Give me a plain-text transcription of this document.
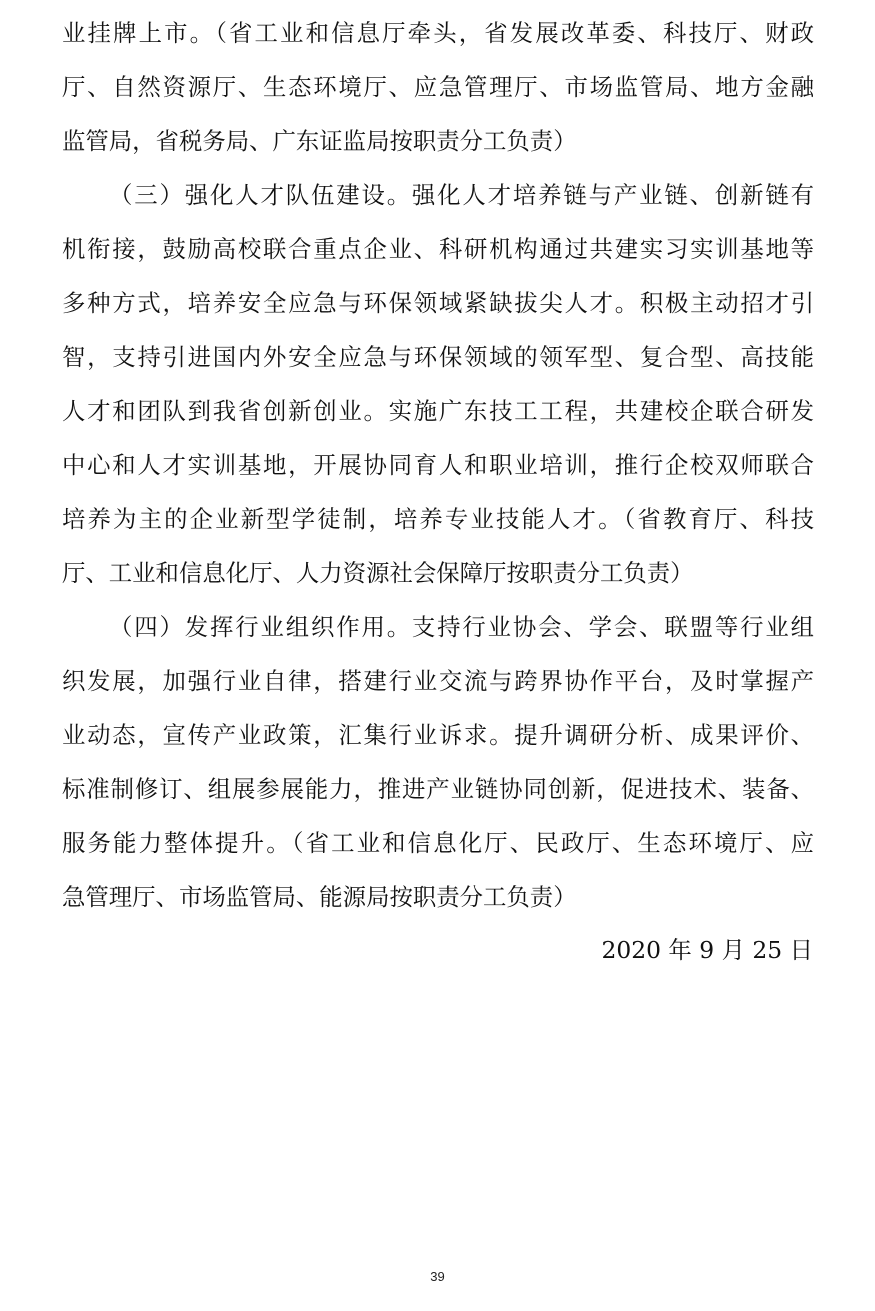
业挂牌上市。（省工业和信息厅牵头，省发展改革委、科技厅、财政
厅、自然资源厅、生态环境厅、应急管理厅、市场监管局、地方金融
监管局，省税务局、广东证监局按职责分工负责）
（三）强化人才队伍建设。强化人才培养链与产业链、创新链有
机衔接，鼓励高校联合重点企业、科研机构通过共建实习实训基地等
多种方式，培养安全应急与环保领域紧缺拔尖人才。积极主动招才引
智，支持引进国内外安全应急与环保领域的领军型、复合型、高技能
人才和团队到我省创新创业。实施广东技工工程，共建校企联合研发
中心和人才实训基地，开展协同育人和职业培训，推行企校双师联合
培养为主的企业新型学徒制，培养专业技能人才。（省教育厅、科技
厅、工业和信息化厅、人力资源社会保障厅按职责分工负责）
（四）发挥行业组织作用。支持行业协会、学会、联盟等行业组
织发展，加强行业自律，搭建行业交流与跨界协作平台，及时掌握产
业动态，宣传产业政策，汇集行业诉求。提升调研分析、成果评价、
标准制修订、组展参展能力，推进产业链协同创新，促进技术、装备、
服务能力整体提升。（省工业和信息化厅、民政厅、生态环境厅、应
急管理厅、市场监管局、能源局按职责分工负责）
2020 年 9 月 25 日
39
